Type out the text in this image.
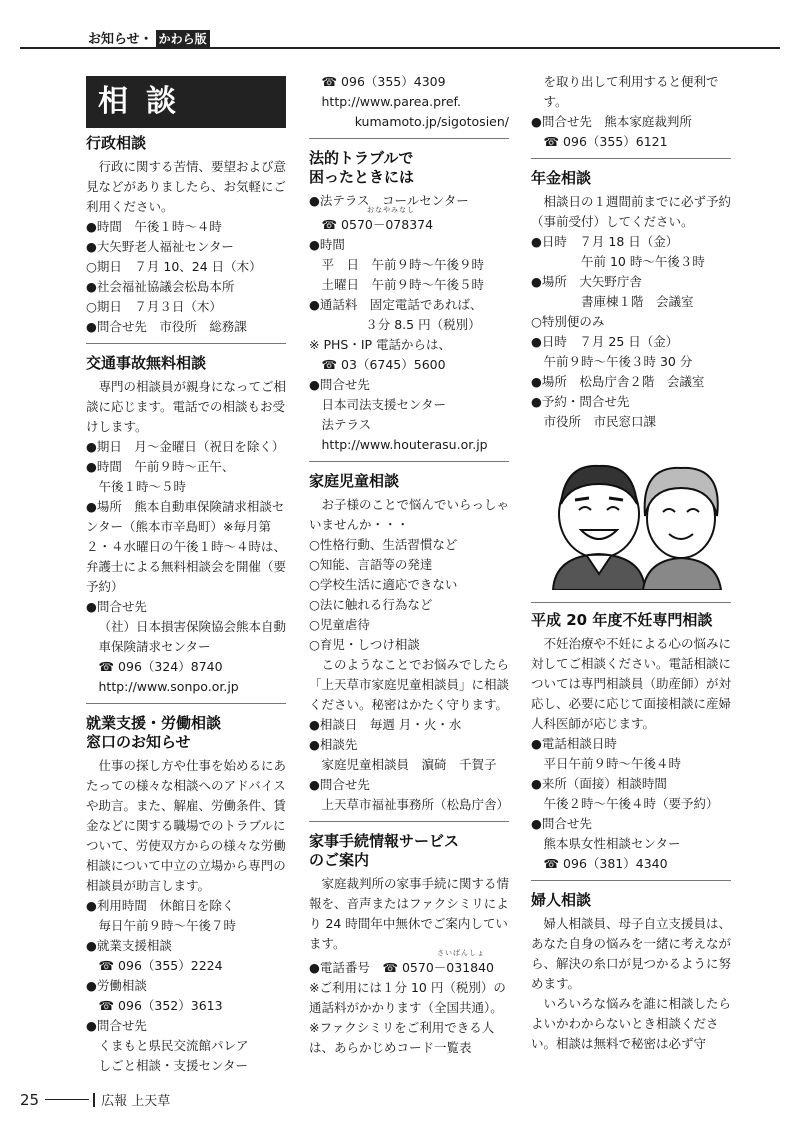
お知らせ・ かわら版
相談
行政相談
行政に関する苦情、要望および意見などがありましたら、お気軽にご利用ください。
●時間　午後１時～４時
●大矢野老人福祉センター
○期日　７月 10、24 日（木）
●社会福祉協議会松島本所
○期日　７月３日（木）
●問合せ先　市役所　総務課
交通事故無料相談
専門の相談員が親身になってご相談に応じます。電話での相談もお受けします。
●期日　月～金曜日（祝日を除く）
●時間　午前９時～正午、
午後１時～５時
●場所　熊本自動車保険請求相談センター（熊本市辛島町）※毎月第２・４水曜日の午後１時～４時は、弁護士による無料相談会を開催（要予約）
●問合せ先
（社）日本損害保険協会熊本自動車保険請求センター
☎ 096（324）8740
http://www.sonpo.or.jp
就業支援・労働相談
窓口のお知らせ
仕事の探し方や仕事を始めるにあたっての様々な相談へのアドバイスや助言。また、解雇、労働条件、賃金などに関する職場でのトラブルについて、労使双方からの様々な労働相談について中立の立場から専門の相談員が助言します。
●利用時間　休館日を除く
毎日午前９時～午後７時
●就業支援相談
☎ 096（355）2224
●労働相談
☎ 096（352）3613
●問合せ先
くまもと県民交流館パレア
しごと相談・支援センター
☎ 096（355）4309
http://www.parea.pref.
kumamoto.jp/sigotosien/
法的トラブルで
困ったときには
●法テラス　コールセンター
おなやみなし
☎ 0570－078374
●時間
平　日　午前９時～午後９時
土曜日　午前９時～午後５時
●通話料　固定電話であれば、
３分 8.5 円（税別）
※ PHS・IP 電話からは、
☎ 03（6745）5600
●問合せ先
日本司法支援センター
法テラス
http://www.houterasu.or.jp
家庭児童相談
お子様のことで悩んでいらっしゃいませんか・・・
○性格行動、生活習慣など
○知能、言語等の発達
○学校生活に適応できない
○法に触れる行為など
○児童虐待
○育児・しつけ相談
このようなことでお悩みでしたら「上天草市家庭児童相談員」に相談ください。秘密はかたく守ります。
●相談日　毎週 月・火・水
●相談先
家庭児童相談員　濵碕　千賀子
●問合せ先
上天草市福祉事務所（松島庁舎）
家事手続情報サービス
のご案内
家庭裁判所の家事手続に関する情報を、音声またはファクシミリにより 24 時間年中無休でご案内しています。
●電話番号　
さいばんしょ
☎ 0570－031840
※ご利用には１分 10 円（税別）の通話料がかかります（全国共通）。
※ファクシミリをご利用できる人は、あらかじめコード一覧表
を取り出して利用すると便利です。
●問合せ先　熊本家庭裁判所
☎ 096（355）6121
年金相談
相談日の１週間前までに必ず予約（事前受付）してください。
●日時　７月 18 日（金）
午前 10 時～午後３時
●場所　大矢野庁舎
書庫棟１階　会議室
○特別便のみ
●日時　７月 25 日（金）
午前９時～午後３時 30 分
●場所　松島庁舎２階　会議室
●予約・問合せ先
市役所　市民窓口課
平成 20 年度不妊専門相談
不妊治療や不妊による心の悩みに対してご相談ください。電話相談については専門相談員（助産師）が対応し、必要に応じて面接相談に産婦人科医師が応じます。
●電話相談日時
平日午前９時～午後４時
●来所（面接）相談時間
午後２時～午後４時（要予約）
●問合せ先
熊本県女性相談センター
☎ 096（381）4340
婦人相談
婦人相談員、母子自立支援員は、あなた自身の悩みを一緒に考えながら、解決の糸口が見つかるように努めます。
いろいろな悩みを誰に相談したらよいかわからないとき相談ください。相談は無料で秘密は必ず守
25	広報 上天草
